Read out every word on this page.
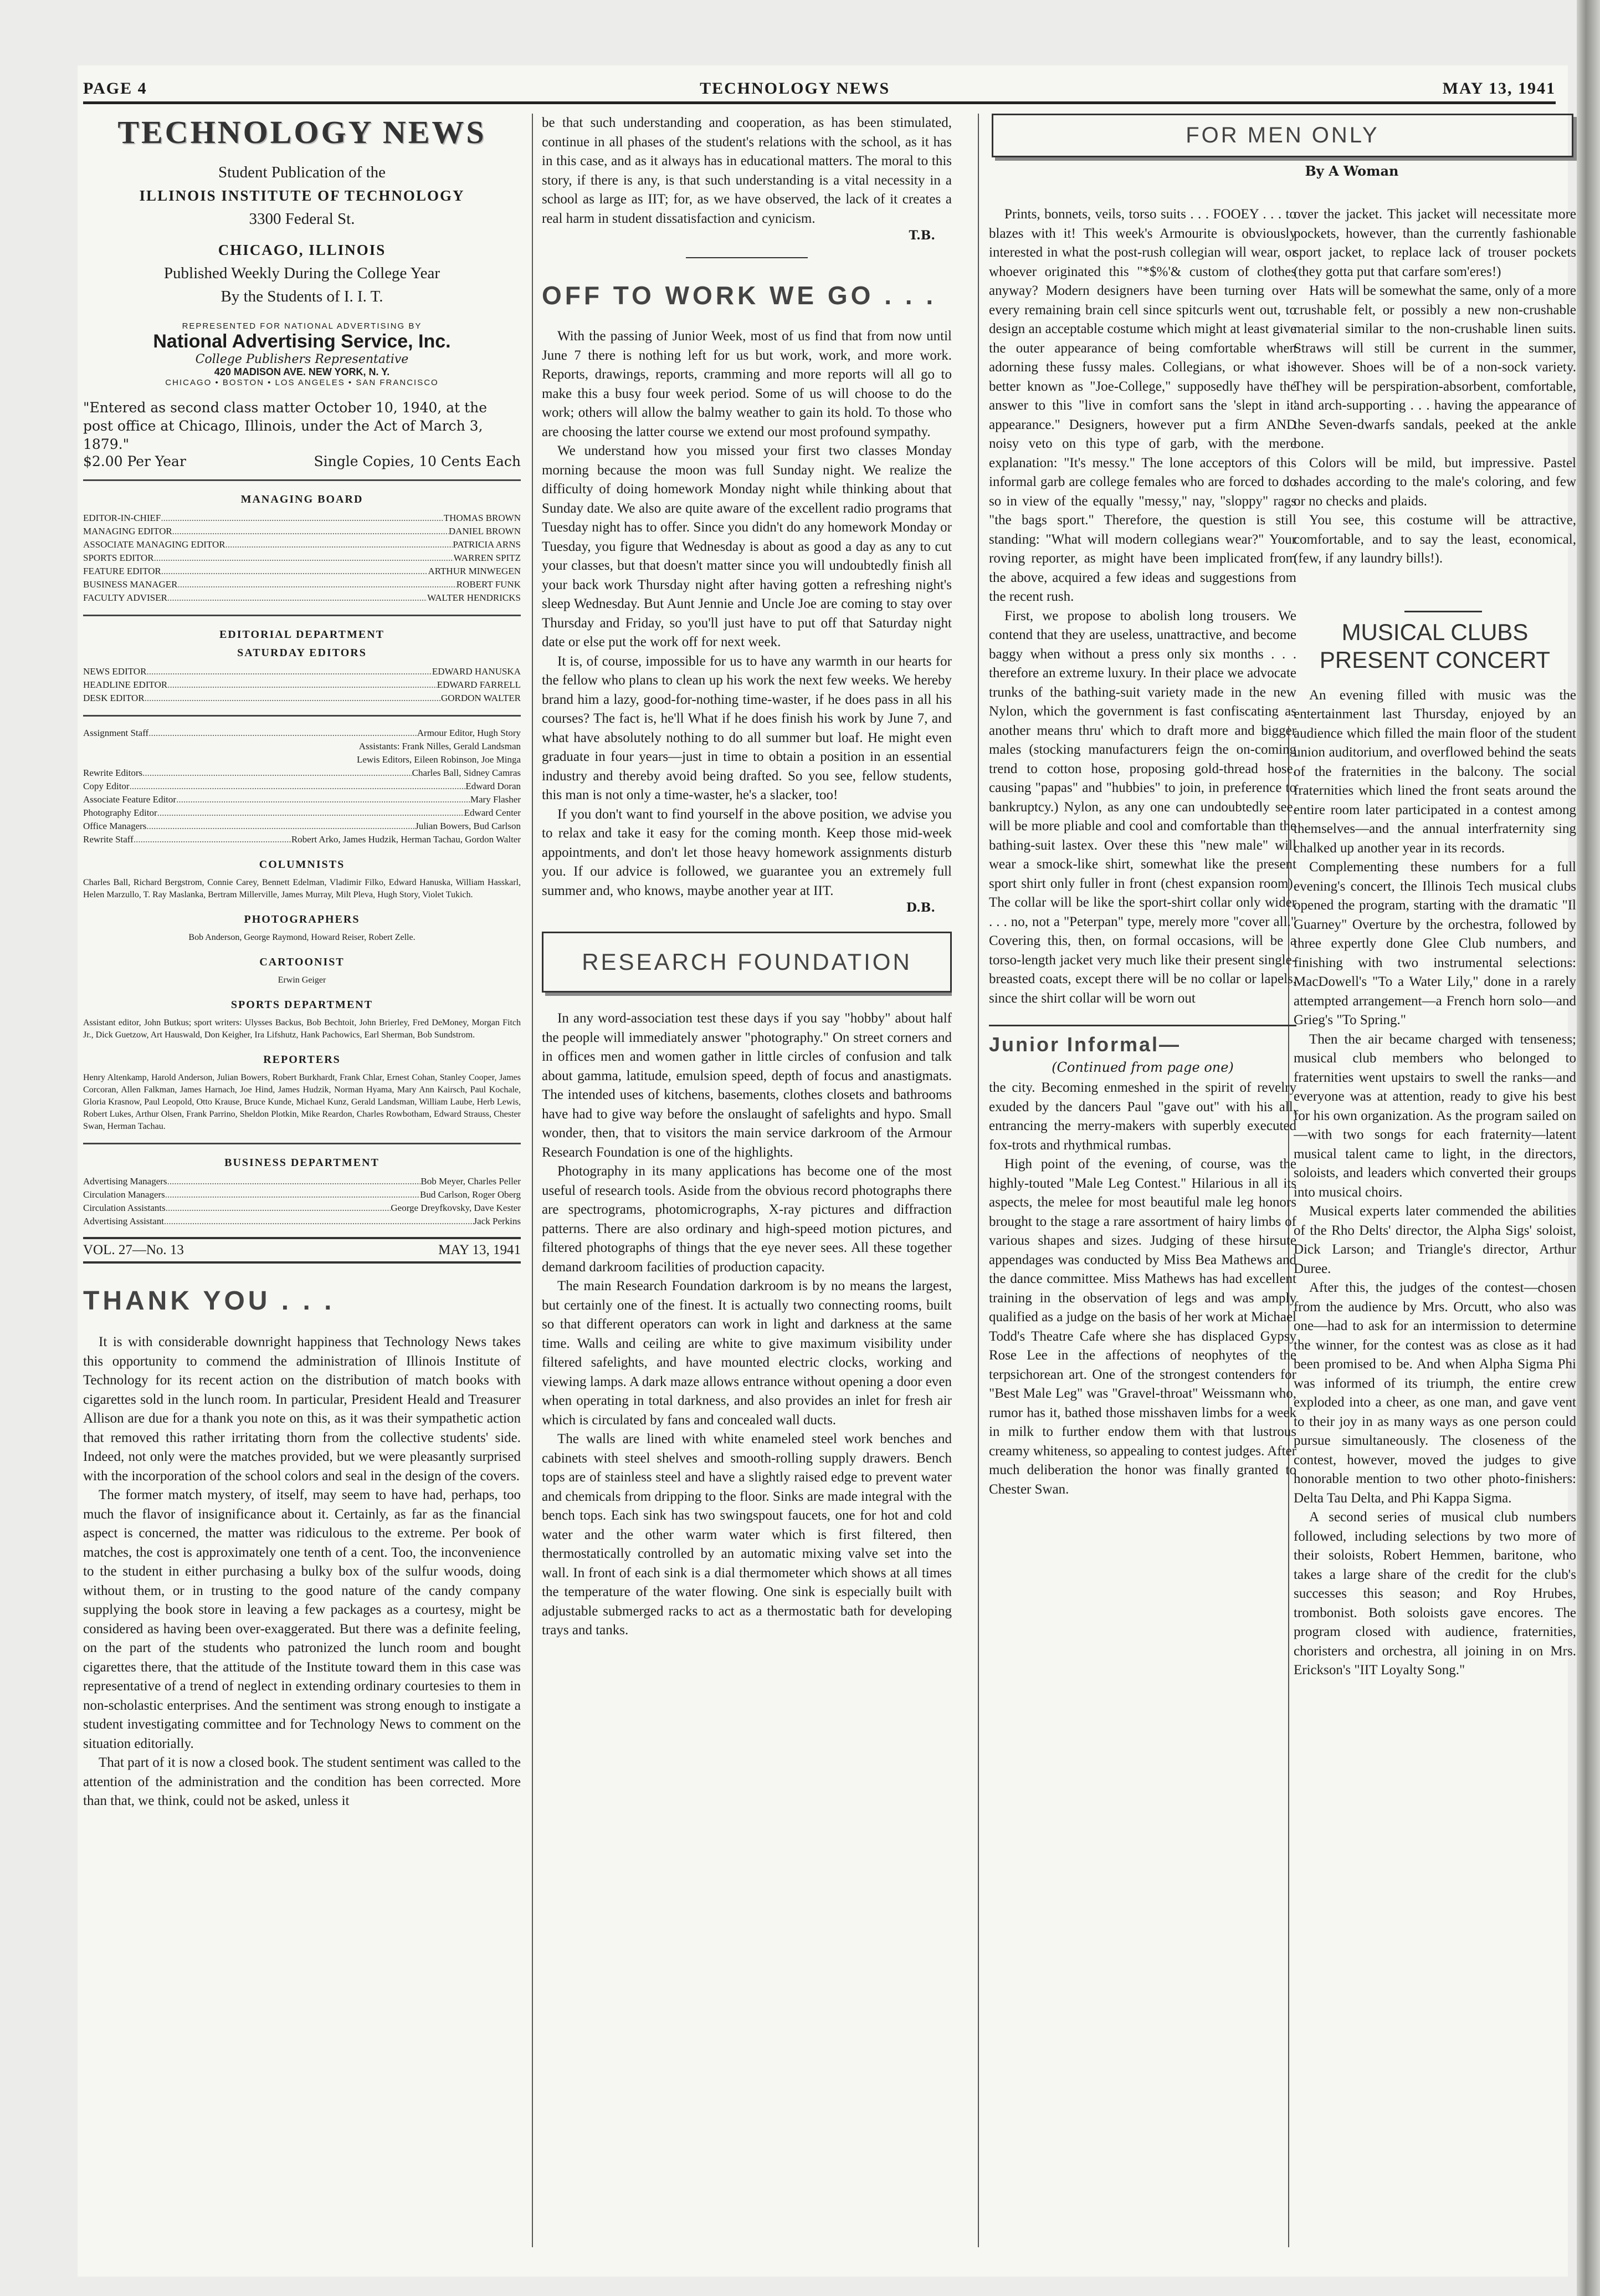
PAGE 4	TECHNOLOGY NEWS	MAY 13, 1941
TECHNOLOGY NEWS

Student Publication of the

ILLINOIS INSTITUTE OF TECHNOLOGY

3300 Federal St.

CHICAGO, ILLINOIS

Published Weekly During the College Year

By the Students of I. I. T.

REPRESENTED FOR NATIONAL ADVERTISING BY
National Advertising Service, Inc.
College Publishers Representative
420 MADISON AVE. NEW YORK, N. Y.
CHICAGO • BOSTON • LOS ANGELES • SAN FRANCISCO
"Entered as second class matter October 10, 1940, at the post office at Chicago, Illinois, under the Act of March 3, 1879."
$2.00 Per Year	Single Copies, 10 Cents Each
MANAGING BOARD
EDITOR-IN-CHIEF .....	THOMAS BROWN
MANAGING EDITOR .....	DANIEL BROWN
ASSOCIATE MANAGING EDITOR .....	PATRICIA ARNS
SPORTS EDITOR .....	WARREN SPITZ
FEATURE EDITOR .....	ARTHUR MINWEGEN
BUSINESS MANAGER .....	ROBERT FUNK
FACULTY ADVISER .....	WALTER HENDRICKS
EDITORIAL DEPARTMENT
SATURDAY EDITORS
NEWS EDITOR .....	EDWARD HANUSKA
HEADLINE EDITOR .....	EDWARD FARRELL
DESK EDITOR .....	GORDON WALTER
Assignment Staff .....	Armour Editor, Hugh Story
Assistants: Frank Nilles, Gerald Landsman
Lewis Editors, Eileen Robinson, Joe Minga
Rewrite Editors .....	Charles Ball, Sidney Camras
Copy Editor .....	Edward Doran
Associate Feature Editor .....	Mary Flasher
Photography Editor .....	Edward Center
Office Managers .....	Julian Bowers, Bud Carlson
Rewrite Staff .....	Robert Arko, James Hudzik, Herman Tachau, Gordon Walter
COLUMNISTS
Charles Ball, Richard Bergstrom, Connie Carey, Bennett Edelman, Vladimir Filko, Edward Hanuska, William Hasskarl, Helen Marzullo, T. Ray Maslanka, Bertram Millerville, James Murray, Milt Pleva, Hugh Story, Violet Tukich.
PHOTOGRAPHERS
Bob Anderson, George Raymond, Howard Reiser, Robert Zelle.
CARTOONIST
Erwin Geiger
SPORTS DEPARTMENT
Assistant editor, John Butkus; sport writers: Ulysses Backus, Bob Bechtoit, John Brierley, Fred DeMoney, Morgan Fitch Jr., Dick Guetzow, Art Hauswald, Don Keigher, Ira Lifshutz, Hank Pachowics, Earl Sherman, Bob Sundstrom.
REPORTERS
Henry Altenkamp, Harold Anderson, Julian Bowers, Robert Burkhardt, Frank Chlar, Ernest Cohan, Stanley Cooper, James Corcoran, Allen Falkman, James Harnach, Joe Hind, James Hudzik, Norman Hyama, Mary Ann Kairsch, Paul Kochale, Gloria Krasnow, Paul Leopold, Otto Krause, Bruce Kunde, Michael Kunz, Gerald Landsman, William Laube, Herb Lewis, Robert Lukes, Arthur Olsen, Frank Parrino, Sheldon Plotkin, Mike Reardon, Charles Rowbotham, Edward Strauss, Chester Swan, Herman Tachau.
BUSINESS DEPARTMENT
Advertising Managers .....	Bob Meyer, Charles Peller
Circulation Managers .....	Bud Carlson, Roger Oberg
Circulation Assistants .....	George Dreyfkovsky, Dave Kester
Advertising Assistant .....	Jack Perkins
VOL. 27—No. 13	MAY 13, 1941
THANK YOU . . .

It is with considerable downright happiness that Technology News takes this opportunity to commend the administration of Illinois Institute of Technology for its recent action on the distribution of match books with cigarettes sold in the lunch room. In particular, President Heald and Treasurer Allison are due for a thank you note on this, as it was their sympathetic action that removed this rather irritating thorn from the collective students' side. Indeed, not only were the matches provided, but we were pleasantly surprised with the incorporation of the school colors and seal in the design of the covers.

The former match mystery, of itself, may seem to have had, perhaps, too much the flavor of insignificance about it. Certainly, as far as the financial aspect is concerned, the matter was ridiculous to the extreme. Per book of matches, the cost is approximately one tenth of a cent. Too, the inconvenience to the student in either purchasing a bulky box of the sulfur woods, doing without them, or in trusting to the good nature of the candy company supplying the book store in leaving a few packages as a courtesy, might be considered as having been over-exaggerated. But there was a definite feeling, on the part of the students who patronized the lunch room and bought cigarettes there, that the attitude of the Institute toward them in this case was representative of a trend of neglect in extending ordinary courtesies to them in non-scholastic enterprises. And the sentiment was strong enough to instigate a student investigating committee and for Technology News to comment on the situation editorially.

That part of it is now a closed book. The student sentiment was called to the attention of the administration and the condition has been corrected. More than that, we think, could not be asked, unless it

be that such understanding and cooperation, as has been stimulated, continue in all phases of the student's relations with the school, as it has in this case, and as it always has in educational matters. The moral to this story, if there is any, is that such understanding is a vital necessity in a school as large as IIT; for, as we have observed, the lack of it creates a real harm in student dissatisfaction and cynicism.

T.B.
OFF TO WORK WE GO . . .

With the passing of Junior Week, most of us find that from now until June 7 there is nothing left for us but work, work, and more work. Reports, drawings, reports, cramming and more reports will all go to make this a busy four week period. Some of us will choose to do the work; others will allow the balmy weather to gain its hold. To those who are choosing the latter course we extend our most profound sympathy.

We understand how you missed your first two classes Monday morning because the moon was full Sunday night. We realize the difficulty of doing homework Monday night while thinking about that Sunday date. We also are quite aware of the excellent radio programs that Tuesday night has to offer. Since you didn't do any homework Monday or Tuesday, you figure that Wednesday is about as good a day as any to cut your classes, but that doesn't matter since you will undoubtedly finish all your back work Thursday night after having gotten a refreshing night's sleep Wednesday. But Aunt Jennie and Uncle Joe are coming to stay over Thursday and Friday, so you'll just have to put off that Saturday night date or else put the work off for next week.

It is, of course, impossible for us to have any warmth in our hearts for the fellow who plans to clean up his work the next few weeks. We hereby brand him a lazy, good-for-nothing time-waster, if he does pass in all his courses? The fact is, he'll What if he does finish his work by June 7, and what have absolutely nothing to do all summer but loaf. He might even graduate in four years—just in time to obtain a position in an essential industry and thereby avoid being drafted. So you see, fellow students, this man is not only a time-waster, he's a slacker, too!

If you don't want to find yourself in the above position, we advise you to relax and take it easy for the coming month. Keep those mid-week appointments, and don't let those heavy homework assignments disturb you. If our advice is followed, we guarantee you an extremely full summer and, who knows, maybe another year at IIT.

D.B.
RESEARCH FOUNDATION

In any word-association test these days if you say "hobby" about half the people will immediately answer "photography." On street corners and in offices men and women gather in little circles of confusion and talk about gamma, latitude, emulsion speed, depth of focus and anastigmats. The intended uses of kitchens, basements, clothes closets and bathrooms have had to give way before the onslaught of safelights and hypo. Small wonder, then, that to visitors the main service darkroom of the Armour Research Foundation is one of the highlights.

Photography in its many applications has become one of the most useful of research tools. Aside from the obvious record photographs there are spectrograms, photomicrographs, X-ray pictures and diffraction patterns. There are also ordinary and high-speed motion pictures, and filtered photographs of things that the eye never sees. All these together demand darkroom facilities of production capacity.

The main Research Foundation darkroom is by no means the largest, but certainly one of the finest. It is actually two connecting rooms, built so that different operators can work in light and darkness at the same time. Walls and ceiling are white to give maximum visibility under filtered safelights, and have mounted electric clocks, working and viewing lamps. A dark maze allows entrance without opening a door even when operating in total darkness, and also provides an inlet for fresh air which is circulated by fans and concealed wall ducts.

The walls are lined with white enameled steel work benches and cabinets with steel shelves and smooth-rolling supply drawers. Bench tops are of stainless steel and have a slightly raised edge to prevent water and chemicals from dripping to the floor. Sinks are made integral with the bench tops. Each sink has two swingspout faucets, one for hot and cold water and the other warm water which is first filtered, then thermostatically controlled by an automatic mixing valve set into the wall. In front of each sink is a dial thermometer which shows at all times the temperature of the water flowing. One sink is especially built with adjustable submerged racks to act as a thermostatic bath for developing trays and tanks.

FOR MEN ONLY
By A Woman

Prints, bonnets, veils, torso suits . . . FOOEY . . . to blazes with it! This week's Armourite is obviously interested in what the post-rush collegian will wear, or whoever originated this "*$%'& custom of clothes anyway? Modern designers have been turning over every remaining brain cell since spitcurls went out, to design an acceptable costume which might at least give the outer appearance of being comfortable when adorning these fussy males. Collegians, or what is better known as "Joe-College," supposedly have the answer to this "live in comfort sans the 'slept in it' appearance." Designers, however put a firm AND noisy veto on this type of garb, with the mere explanation: "It's messy." The lone acceptors of this informal garb are college females who are forced to do so in view of the equally "messy," nay, "sloppy" rags "the bags sport." Therefore, the question is still standing: "What will modern collegians wear?" Your roving reporter, as might have been implicated from the above, acquired a few ideas and suggestions from the recent rush.

First, we propose to abolish long trousers. We contend that they are useless, unattractive, and become baggy when without a press only six months . . . therefore an extreme luxury. In their place we advocate trunks of the bathing-suit variety made in the new Nylon, which the government is fast confiscating as another means thru' which to draft more and bigger males (stocking manufacturers feign the on-coming trend to cotton hose, proposing gold-thread hose, causing "papas" and "hubbies" to join, in preference to bankruptcy.) Nylon, as any one can undoubtedly see, will be more pliable and cool and comfortable than the bathing-suit lastex. Over these this "new male" will wear a smock-like shirt, somewhat like the present sport shirt only fuller in front (chest expansion room). The collar will be like the sport-shirt collar only wider . . . no, not a "Peterpan" type, merely more "cover all." Covering this, then, on formal occasions, will be a torso-length jacket very much like their present single-breasted coats, except there will be no collar or lapels, since the shirt collar will be worn out

Junior Informal—
(Continued from page one)

the city. Becoming enmeshed in the spirit of revelry exuded by the dancers Paul "gave out" with his all, entrancing the merry-makers with superbly executed fox-trots and rhythmical rumbas.

High point of the evening, of course, was the highly-touted "Male Leg Contest." Hilarious in all its aspects, the melee for most beautiful male leg honors brought to the stage a rare assortment of hairy limbs of various shapes and sizes. Judging of these hirsute appendages was conducted by Miss Bea Mathews and the dance committee. Miss Mathews has had excellent training in the observation of legs and was amply qualified as a judge on the basis of her work at Michael Todd's Theatre Cafe where she has displaced Gypsy Rose Lee in the affections of neophytes of the terpsichorean art. One of the strongest contenders for "Best Male Leg" was "Gravel-throat" Weissmann who, rumor has it, bathed those misshaven limbs for a week in milk to further endow them with that lustrous creamy whiteness, so appealing to contest judges. After much deliberation the honor was finally granted to Chester Swan.

over the jacket. This jacket will necessitate more pockets, however, than the currently fashionable sport jacket, to replace lack of trouser pockets (they gotta put that carfare som'eres!)

Hats will be somewhat the same, only of a more crushable felt, or possibly a new non-crushable material similar to the non-crushable linen suits. Straws will still be current in the summer, however. Shoes will be of a non-sock variety. They will be perspiration-absorbent, comfortable, and arch-supporting . . . having the appearance of the Seven-dwarfs sandals, peeked at the ankle bone.

Colors will be mild, but impressive. Pastel shades according to the male's coloring, and few or no checks and plaids.

You see, this costume will be attractive, comfortable, and to say the least, economical, (few, if any laundry bills!).

MUSICAL CLUBS
PRESENT CONCERT

An evening filled with music was the entertainment last Thursday, enjoyed by an audience which filled the main floor of the student union auditorium, and overflowed behind the seats of the fraternities in the balcony. The social fraternities which lined the front seats around the entire room later participated in a contest among themselves—and the annual interfraternity sing chalked up another year in its records.

Complementing these numbers for a full evening's concert, the Illinois Tech musical clubs opened the program, starting with the dramatic "Il Guarney" Overture by the orchestra, followed by three expertly done Glee Club numbers, and finishing with two instrumental selections: MacDowell's "To a Water Lily," done in a rarely attempted arrangement—a French horn solo—and Grieg's "To Spring."

Then the air became charged with tenseness; musical club members who belonged to fraternities went upstairs to swell the ranks—and everyone was at attention, ready to give his best for his own organization. As the program sailed on—with two songs for each fraternity—latent musical talent came to light, in the directors, soloists, and leaders which converted their groups into musical choirs.

Musical experts later commended the abilities of the Rho Delts' director, the Alpha Sigs' soloist, Dick Larson; and Triangle's director, Arthur Duree.

After this, the judges of the contest—chosen from the audience by Mrs. Orcutt, who also was one—had to ask for an intermission to determine the winner, for the contest was as close as it had been promised to be. And when Alpha Sigma Phi was informed of its triumph, the entire crew exploded into a cheer, as one man, and gave vent to their joy in as many ways as one person could pursue simultaneously. The closeness of the contest, however, moved the judges to give honorable mention to two other photo-finishers: Delta Tau Delta, and Phi Kappa Sigma.

A second series of musical club numbers followed, including selections by two more of their soloists, Robert Hemmen, baritone, who takes a large share of the credit for the club's successes this season; and Roy Hrubes, trombonist. Both soloists gave encores. The program closed with audience, fraternities, choristers and orchestra, all joining in on Mrs. Erickson's "IIT Loyalty Song."
